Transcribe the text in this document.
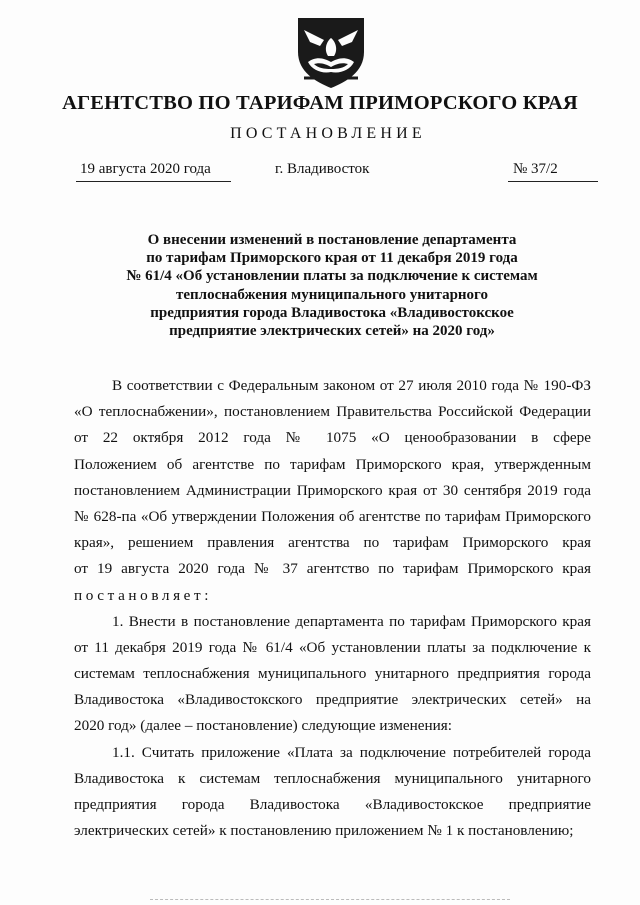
АГЕНТСТВО ПО ТАРИФАМ ПРИМОРСКОГО КРАЯ
ПОСТАНОВЛЕНИЕ
19 августа 2020 года	г. Владивосток	№ 37/2
О внесении изменений в постановление департамента
по тарифам Приморского края от 11 декабря 2019 года
№ 61/4 «Об установлении платы за подключение к системам
теплоснабжения муниципального унитарного
предприятия города Владивостока «Владивостокское
предприятие электрических сетей» на 2020 год»
В соответствии с Федеральным законом от 27 июля 2010 года № 190-ФЗ
«О теплоснабжении», постановлением Правительства Российской Федерации
от 22 октября 2012 года № 1075 «О ценообразовании в сфере
Положением об агентстве по тарифам Приморского края, утвержденным
постановлением Администрации Приморского края от 30 сентября 2019 года
№ 628-па «Об утверждении Положения об агентстве по тарифам Приморского
края», решением правления агентства по тарифам Приморского края
от 19 августа 2020 года № 37 агентство по тарифам Приморского края
постановляет:
1. Внести в постановление департамента по тарифам Приморского края
от 11 декабря 2019 года № 61/4 «Об установлении платы за подключение к
системам теплоснабжения муниципального унитарного предприятия города
Владивостока «Владивостокского предприятие электрических сетей» на
2020 год» (далее – постановление) следующие изменения:
1.1. Считать приложение «Плата за подключение потребителей города
Владивостока к системам теплоснабжения муниципального унитарного
предприятия города Владивостока «Владивостокское предприятие
электрических сетей» к постановлению приложением № 1 к постановлению;
